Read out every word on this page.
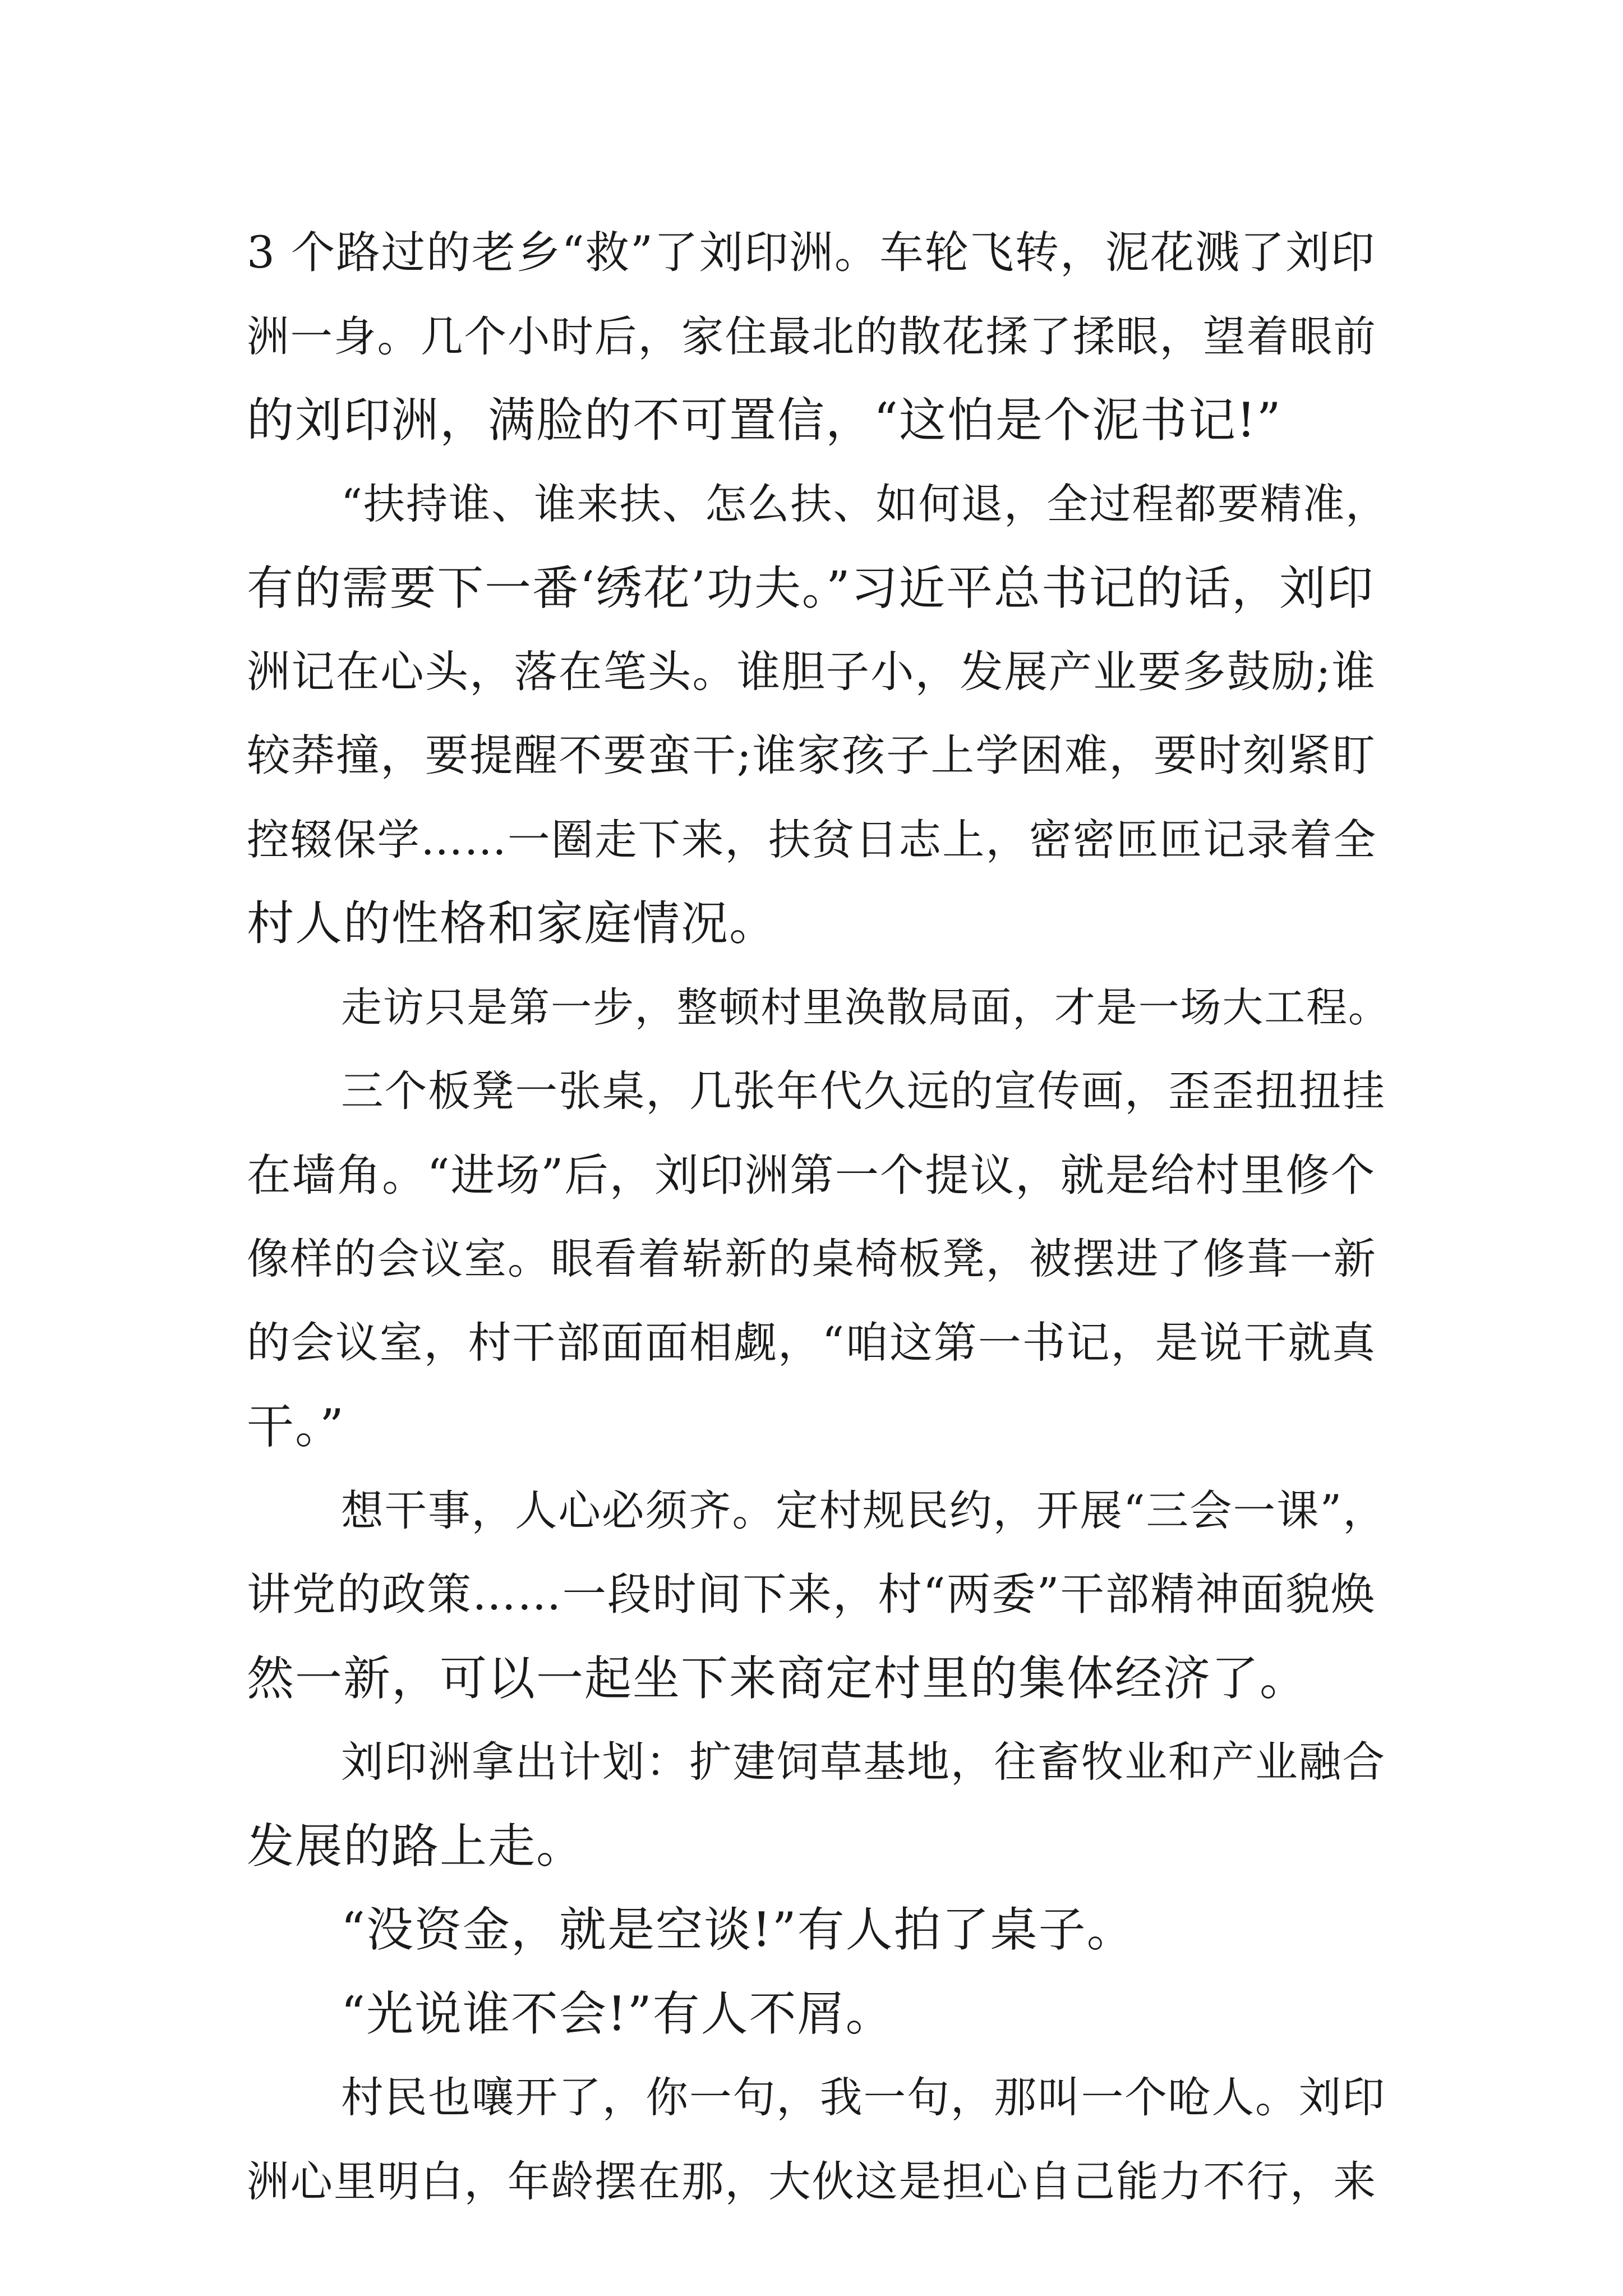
3 个路过的老乡“救”了刘印洲。车轮飞转，泥花溅了刘印
洲一身。几个小时后，家住最北的散花揉了揉眼，望着眼前
的刘印洲，满脸的不可置信，“这怕是个泥书记!”
“扶持谁、谁来扶、怎么扶、如何退，全过程都要精准，
有的需要下一番‘绣花’功夫。”习近平总书记的话，刘印
洲记在心头，落在笔头。谁胆子小，发展产业要多鼓励;谁
较莽撞，要提醒不要蛮干;谁家孩子上学困难，要时刻紧盯
控辍保学……一圈走下来，扶贫日志上，密密匝匝记录着全
村人的性格和家庭情况。
走访只是第一步，整顿村里涣散局面，才是一场大工程。
三个板凳一张桌，几张年代久远的宣传画，歪歪扭扭挂
在墙角。“进场”后，刘印洲第一个提议，就是给村里修个
像样的会议室。眼看着崭新的桌椅板凳，被摆进了修葺一新
的会议室，村干部面面相觑，“咱这第一书记，是说干就真
干。”
想干事，人心必须齐。定村规民约，开展“三会一课”，
讲党的政策……一段时间下来，村“两委”干部精神面貌焕
然一新，可以一起坐下来商定村里的集体经济了。
刘印洲拿出计划：扩建饲草基地，往畜牧业和产业融合
发展的路上走。
“没资金，就是空谈!”有人拍了桌子。
“光说谁不会!”有人不屑。
村民也嚷开了，你一句，我一句，那叫一个呛人。刘印
洲心里明白，年龄摆在那，大伙这是担心自己能力不行，来
